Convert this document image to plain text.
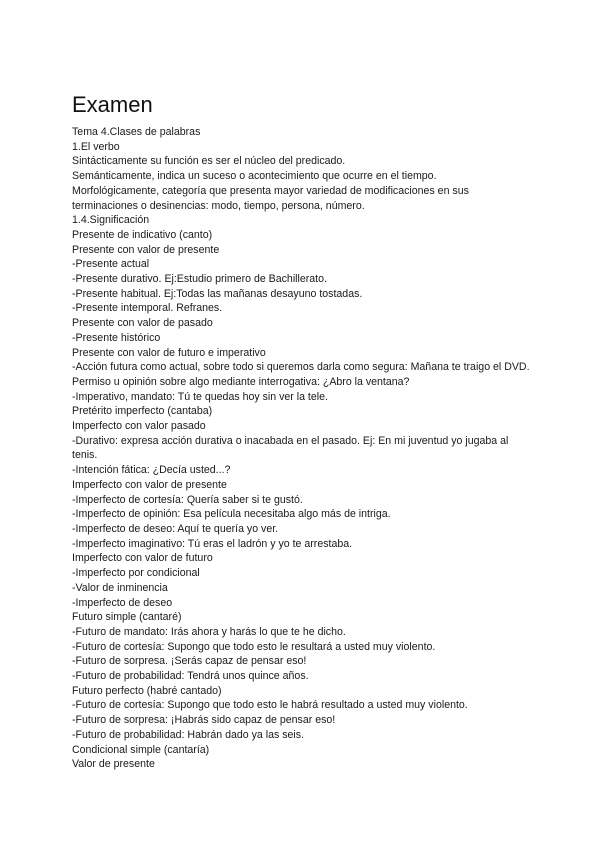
Examen

Tema 4.Clases de palabras

1.El verbo

Sintácticamente su función es ser el núcleo del predicado.

Semánticamente, indica un suceso o acontecimiento que ocurre en el tiempo.

Morfológicamente, categoría que presenta mayor variedad de modificaciones en sus terminaciones o desinencias: modo, tiempo, persona, número.

1.4.Significación

Presente de indicativo (canto)

Presente con valor de presente

-Presente actual

-Presente durativo. Ej:Estudio primero de Bachillerato.

-Presente habitual. Ej:Todas las mañanas desayuno tostadas.

-Presente intemporal. Refranes.

Presente con valor de pasado

-Presente histórico

Presente con valor de futuro e imperativo

-Acción futura como actual, sobre todo si queremos darla como segura: Mañana te traigo el DVD. Permiso u opinión sobre algo mediante interrogativa: ¿Abro la ventana?

-Imperativo, mandato: Tú te quedas hoy sin ver la tele.

Pretérito imperfecto (cantaba)

Imperfecto con valor pasado

-Durativo: expresa acción durativa o inacabada en el pasado. Ej: En mi juventud yo jugaba al tenis.

-Intención fática: ¿Decía usted...?

Imperfecto con valor de presente

-Imperfecto de cortesía: Quería saber si te gustó.

-Imperfecto de opinión: Esa película necesitaba algo más de intriga.

-Imperfecto de deseo: Aquí te quería yo ver.

-Imperfecto imaginativo: Tú eras el ladrón y yo te arrestaba.

Imperfecto con valor de futuro

-Imperfecto por condicional

-Valor de inminencia

-Imperfecto de deseo

Futuro simple (cantaré)

-Futuro de mandato: Irás ahora y harás lo que te he dicho.

-Futuro de cortesía: Supongo que todo esto le resultará a usted muy violento.

-Futuro de sorpresa. ¡Serás capaz de pensar eso!

-Futuro de probabilidad: Tendrá unos quince años.

Futuro perfecto (habré cantado)

-Futuro de cortesía: Supongo que todo esto le habrá resultado a usted muy violento.

-Futuro de sorpresa: ¡Habrás sido capaz de pensar eso!

-Futuro de probabilidad: Habrán dado ya las seis.

Condicional simple (cantaría)

Valor de presente
